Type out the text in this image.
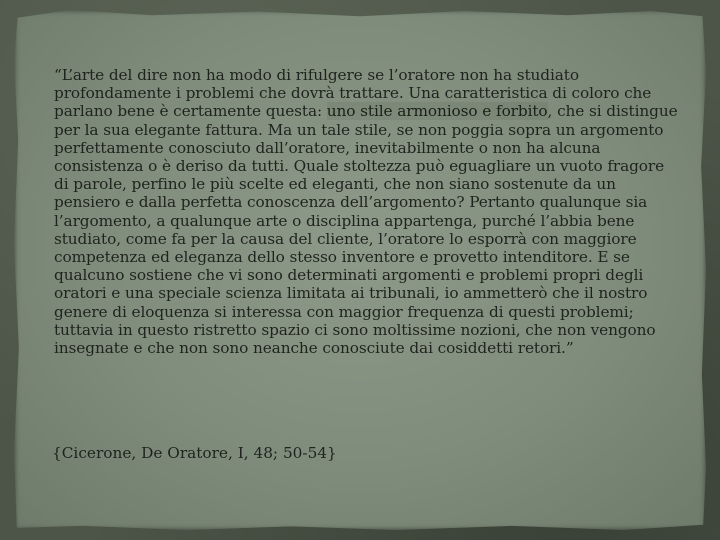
“L’arte del dire non ha modo di rifulgere se l’oratore non ha studiato profondamente i problemi che dovrà trattare. Una caratteristica di coloro che parlano bene è certamente questa: uno stile armonioso e forbito, che si distingue per la sua elegante fattura. Ma un tale stile, se non poggia sopra un argomento perfettamente conosciuto dall’oratore, inevitabilmente o non ha alcuna consistenza o è deriso da tutti. Quale stoltezza può eguagliare un vuoto fragore di parole, perfino le più scelte ed eleganti, che non siano sostenute da un pensiero e dalla perfetta conoscenza dell’argomento? Pertanto qualunque sia l’argomento, a qualunque arte o disciplina appartenga, purché l’abbia bene studiato, come fa per la causa del cliente, l’oratore lo esporrà con maggiore competenza ed eleganza dello stesso inventore e provetto intenditore. E se qualcuno sostiene che vi sono determinati argomenti e problemi propri degli oratori e una speciale scienza limitata ai tribunali, io ammetterò che il nostro genere di eloquenza si interessa con maggior frequenza di questi problemi; tuttavia in questo ristretto spazio ci sono moltissime nozioni, che non vengono insegnate e che non sono neanche conosciute dai cosiddetti retori.”

{Cicerone, De Oratore, I, 48; 50-54}
